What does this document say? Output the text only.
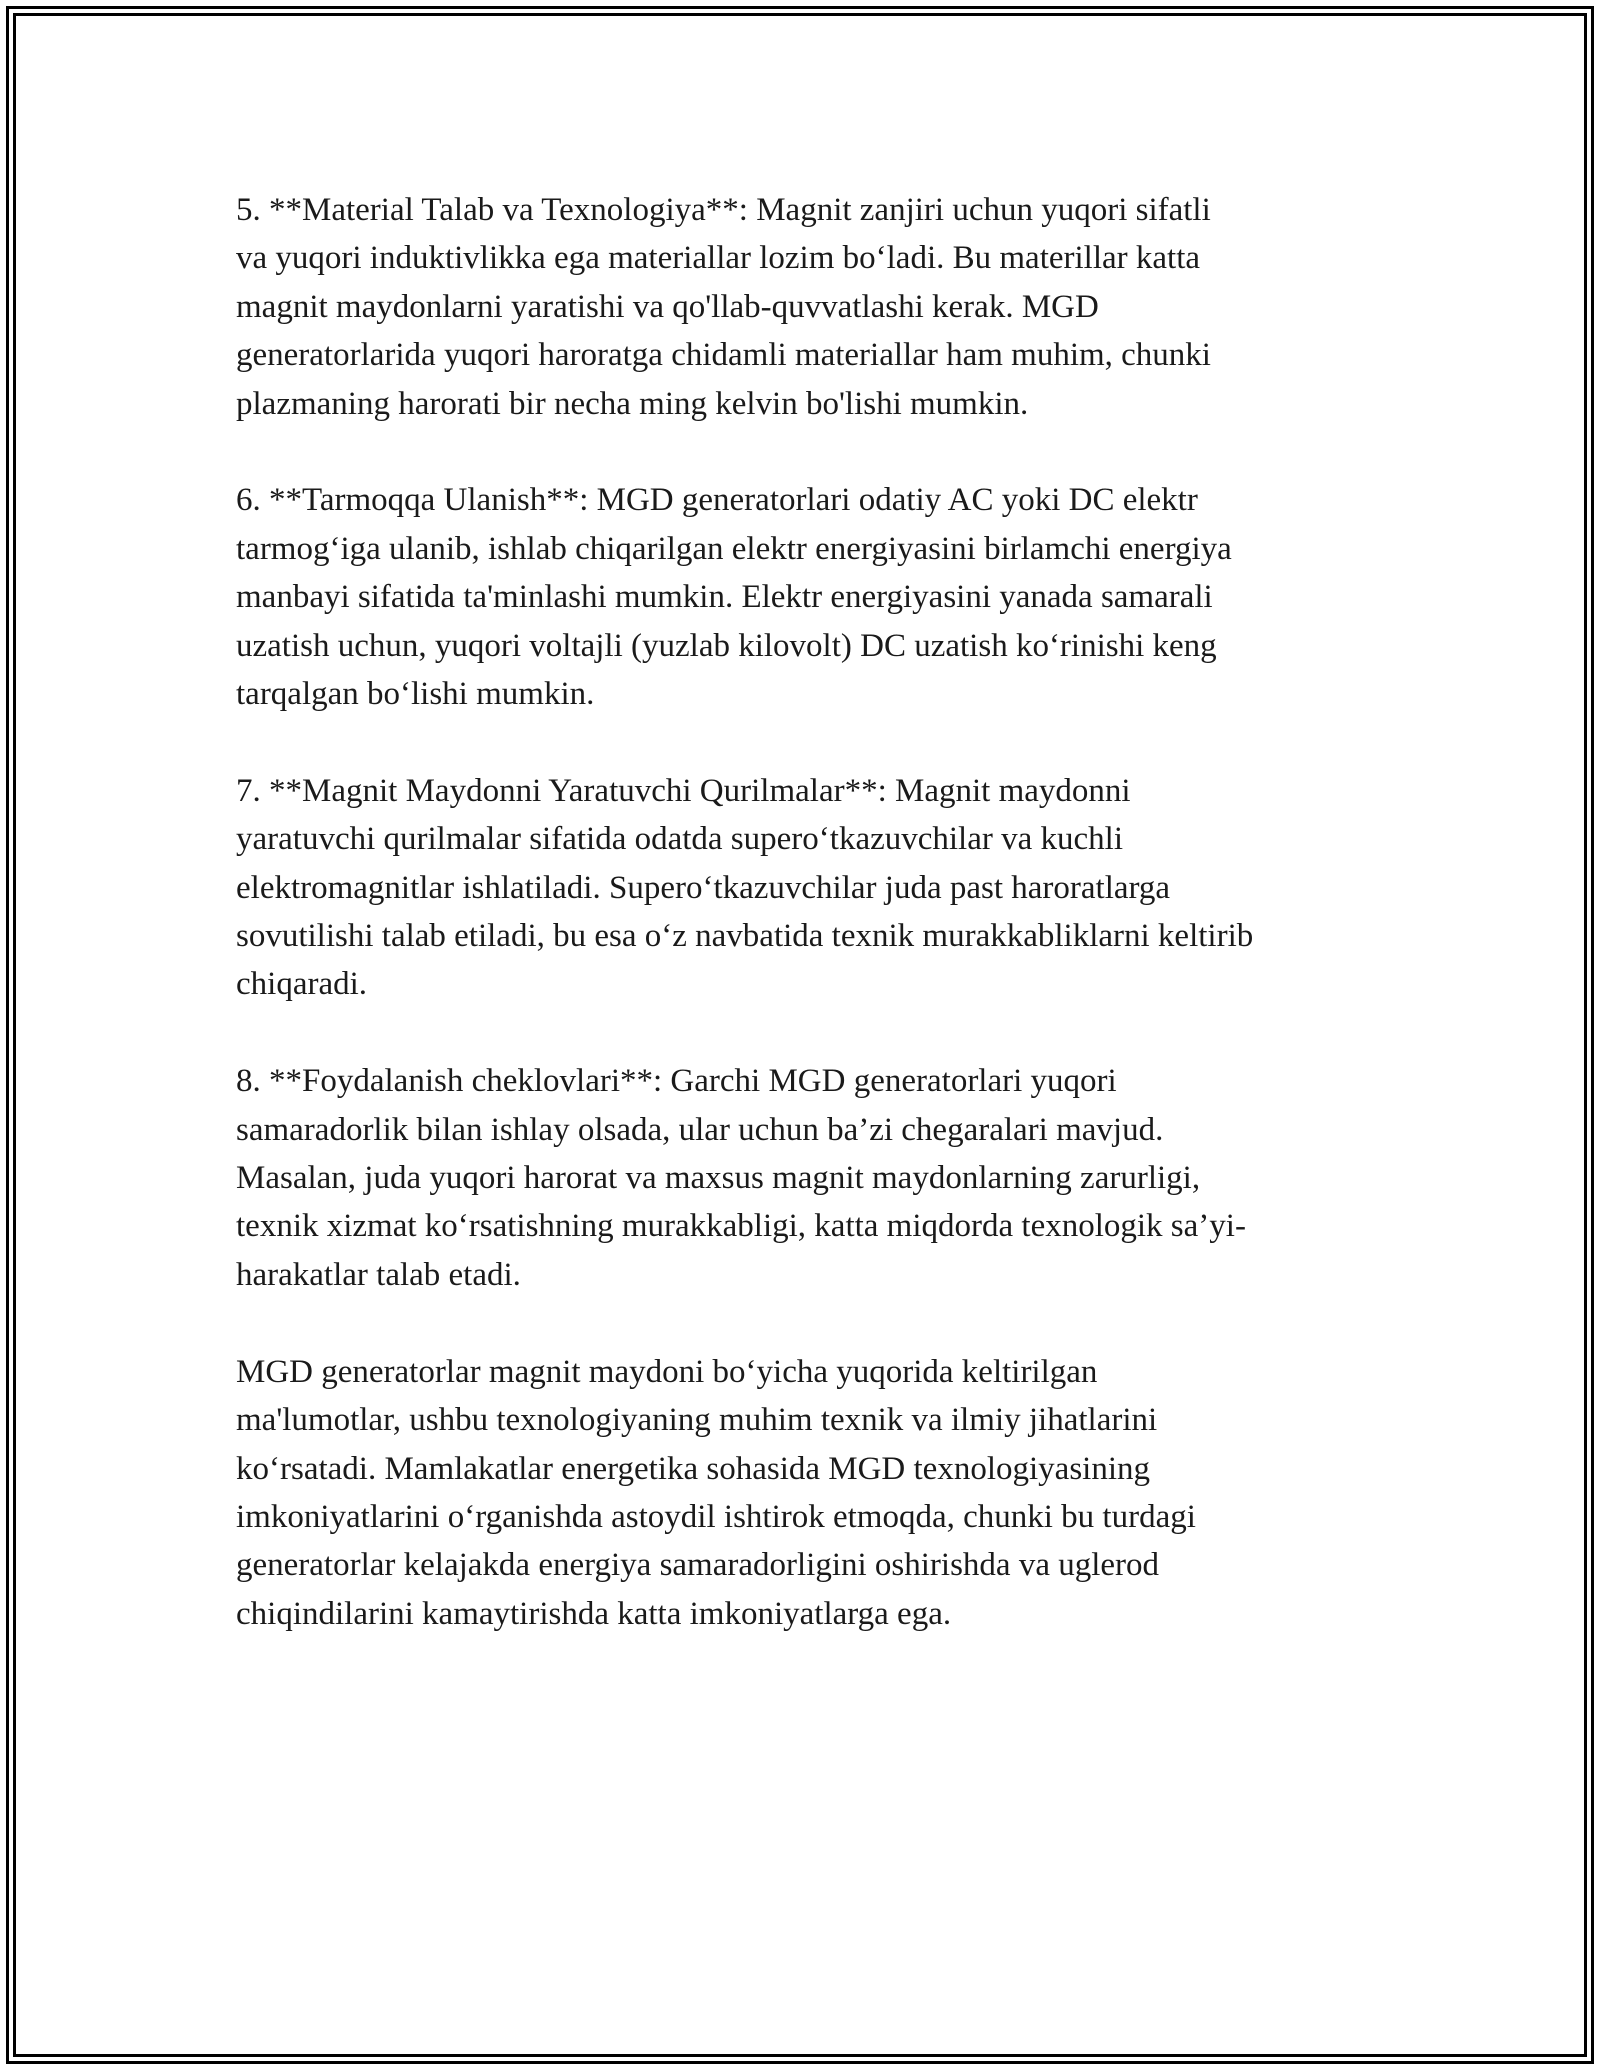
5. **Material Talab va Texnologiya**: Magnit zanjiri uchun yuqori sifatli
va yuqori induktivlikka ega materiallar lozim bo‘ladi. Bu materillar katta
magnit maydonlarni yaratishi va qo'llab-quvvatlashi kerak. MGD
generatorlarida yuqori haroratga chidamli materiallar ham muhim, chunki
plazmaning harorati bir necha ming kelvin bo'lishi mumkin.

6. **Tarmoqqa Ulanish**: MGD generatorlari odatiy AC yoki DC elektr
tarmog‘iga ulanib, ishlab chiqarilgan elektr energiyasini birlamchi energiya
manbayi sifatida ta'minlashi mumkin. Elektr energiyasini yanada samarali
uzatish uchun, yuqori voltajli (yuzlab kilovolt) DC uzatish ko‘rinishi keng
tarqalgan bo‘lishi mumkin.

7. **Magnit Maydonni Yaratuvchi Qurilmalar**: Magnit maydonni
yaratuvchi qurilmalar sifatida odatda supero‘tkazuvchilar va kuchli
elektromagnitlar ishlatiladi. Supero‘tkazuvchilar juda past haroratlarga
sovutilishi talab etiladi, bu esa o‘z navbatida texnik murakkabliklarni keltirib
chiqaradi.

8. **Foydalanish cheklovlari**: Garchi MGD generatorlari yuqori
samaradorlik bilan ishlay olsada, ular uchun ba’zi chegaralari mavjud.
Masalan, juda yuqori harorat va maxsus magnit maydonlarning zarurligi,
texnik xizmat ko‘rsatishning murakkabligi, katta miqdorda texnologik sa’yi-
harakatlar talab etadi.

MGD generatorlar magnit maydoni bo‘yicha yuqorida keltirilgan
ma'lumotlar, ushbu texnologiyaning muhim texnik va ilmiy jihatlarini
ko‘rsatadi. Mamlakatlar energetika sohasida MGD texnologiyasining
imkoniyatlarini o‘rganishda astoydil ishtirok etmoqda, chunki bu turdagi
generatorlar kelajakda energiya samaradorligini oshirishda va uglerod
chiqindilarini kamaytirishda katta imkoniyatlarga ega.
